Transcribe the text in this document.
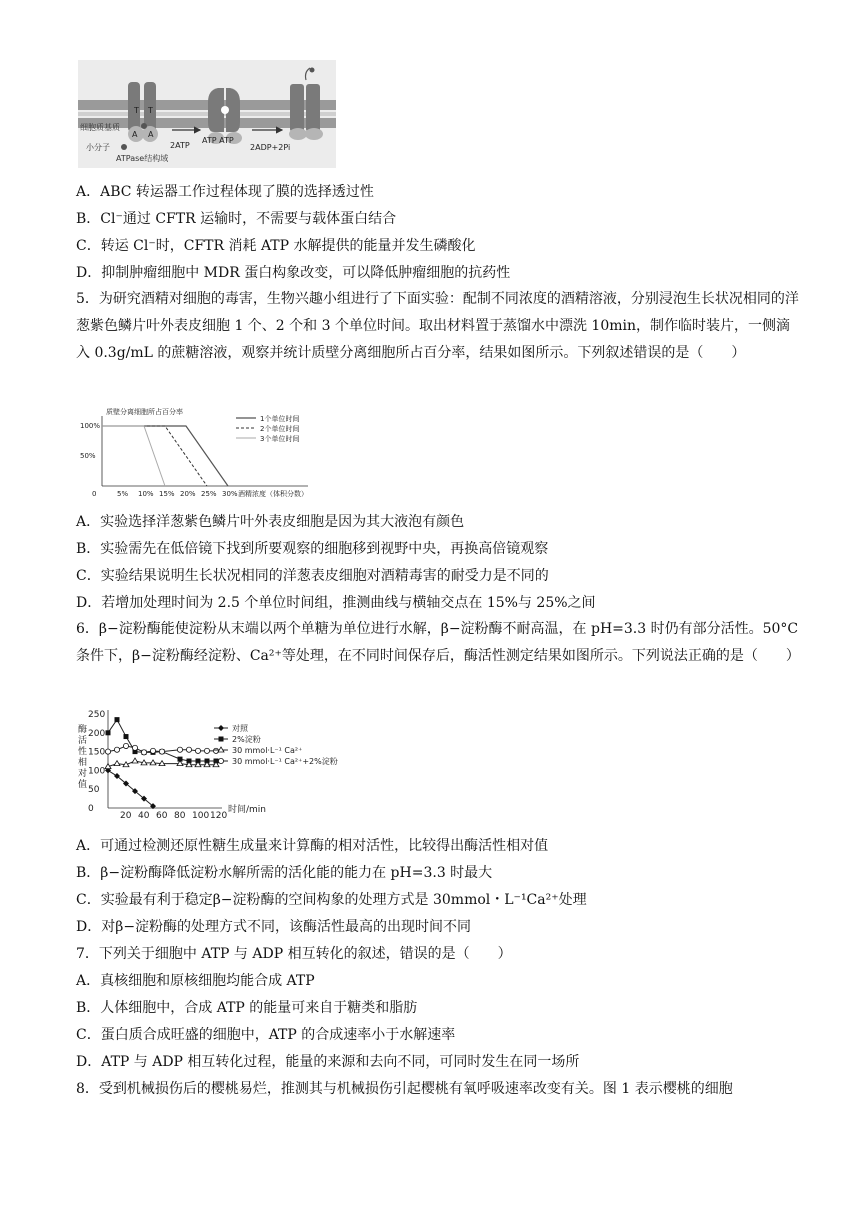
细胞质基质
小分子
ATPase结构域
T T
A A
2ATP
ATP ATP
2ADP+2Pi
A．ABC 转运器工作过程体现了膜的选择透过性
B．Cl⁻通过 CFTR 运输时，不需要与载体蛋白结合
C．转运 Cl⁻时，CFTR 消耗 ATP 水解提供的能量并发生磷酸化
D．抑制肿瘤细胞中 MDR 蛋白构象改变，可以降低肿瘤细胞的抗药性
5．为研究酒精对细胞的毒害，生物兴趣小组进行了下面实验：配制不同浓度的酒精溶液，分别浸泡生长状况相同的洋葱紫色鳞片叶外表皮细胞 1 个、2 个和 3 个单位时间。取出材料置于蒸馏水中漂洗 10min，制作临时装片，一侧滴入 0.3g/mL 的蔗糖溶液，观察并统计质壁分离细胞所占百分率，结果如图所示。下列叙述错误的是（　　）
质壁分离细胞所占百分率
0	5% 10% 15% 20% 25% 30%
100%
50%
1个单位时间
2个单位时间
3个单位时间
酒精浓度（体积分数）
A．实验选择洋葱紫色鳞片叶外表皮细胞是因为其大液泡有颜色
B．实验需先在低倍镜下找到所要观察的细胞移到视野中央，再换高倍镜观察
C．实验结果说明生长状况相同的洋葱表皮细胞对酒精毒害的耐受力是不同的
D．若增加处理时间为 2.5 个单位时间组，推测曲线与横轴交点在 15%与 25%之间
6．β−淀粉酶能使淀粉从末端以两个单糖为单位进行水解，β−淀粉酶不耐高温，在 pH=3.3 时仍有部分活性。50°C 条件下，β−淀粉酶经淀粉、Ca²⁺等处理，在不同时间保存后，酶活性测定结果如图所示。下列说法正确的是（　　）
20 40 60 80 100 120
0
50
100
150
200
250
酶
活
性
相
对
值
对照
2%淀粉
30 mmol·L⁻¹ Ca²⁺
30 mmol·L⁻¹ Ca²⁺+2%淀粉
时间/min
A．可通过检测还原性糖生成量来计算酶的相对活性，比较得出酶活性相对值
B．β−淀粉酶降低淀粉水解所需的活化能的能力在 pH=3.3 时最大
C．实验最有利于稳定β−淀粉酶的空间构象的处理方式是 30mmol・L⁻¹Ca²⁺处理
D．对β−淀粉酶的处理方式不同，该酶活性最高的出现时间不同
7．下列关于细胞中 ATP 与 ADP 相互转化的叙述，错误的是（　　）
A．真核细胞和原核细胞均能合成 ATP
B．人体细胞中，合成 ATP 的能量可来自于糖类和脂肪
C．蛋白质合成旺盛的细胞中，ATP 的合成速率小于水解速率
D．ATP 与 ADP 相互转化过程，能量的来源和去向不同，可同时发生在同一场所
8．受到机械损伤后的樱桃易烂，推测其与机械损伤引起樱桃有氧呼吸速率改变有关。图 1 表示樱桃的细胞
